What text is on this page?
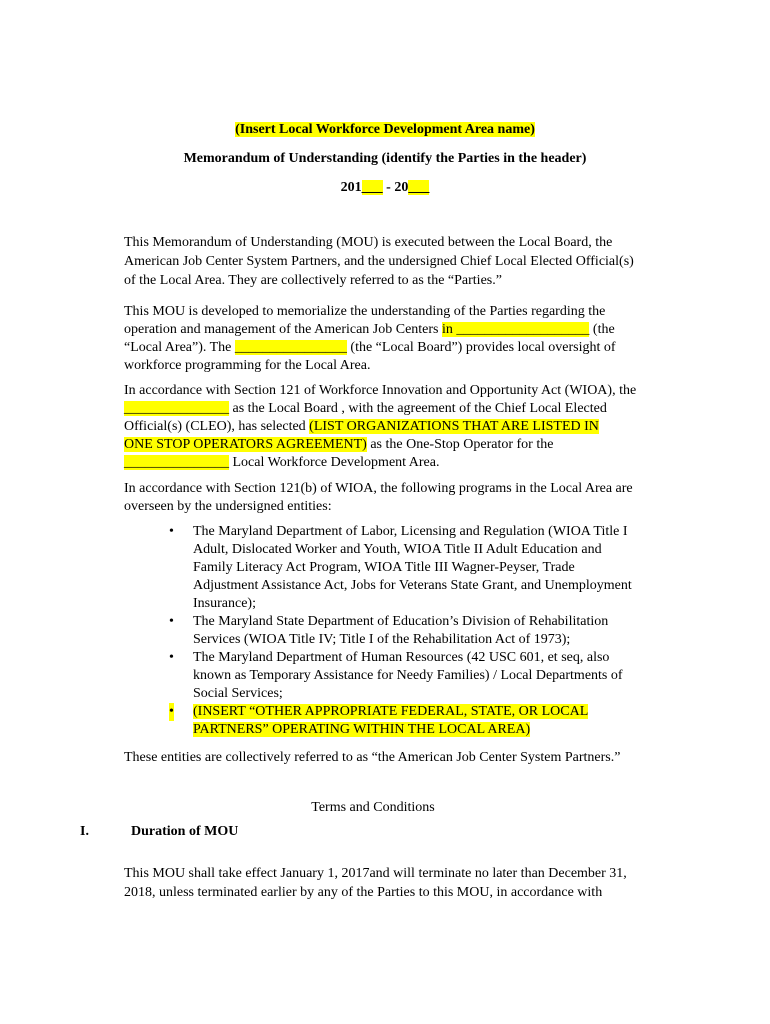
(Insert Local Workforce Development Area name)

Memorandum of Understanding (identify the Parties in the header)

201___ - 20___

This Memorandum of Understanding (MOU) is executed between the Local Board, the
American Job Center System Partners, and the undersigned Chief Local Elected Official(s)
of the Local Area. They are collectively referred to as the “Parties.”

This MOU is developed to memorialize the understanding of the Parties regarding the
operation and management of the American Job Centers in ___________________ (the
“Local Area”). The ________________ (the “Local Board”) provides local oversight of
workforce programming for the Local Area.

In accordance with Section 121 of Workforce Innovation and Opportunity Act (WIOA), the
_______________ as the Local Board , with the agreement of the Chief Local Elected
Official(s) (CLEO), has selected (LIST ORGANIZATIONS THAT ARE LISTED IN
ONE STOP OPERATORS AGREEMENT) as the One-Stop Operator for the
_______________ Local Workforce Development Area.

In accordance with Section 121(b) of WIOA, the following programs in the Local Area are
overseen by the undersigned entities:

• The Maryland Department of Labor, Licensing and Regulation (WIOA Title I
Adult, Dislocated Worker and Youth, WIOA Title II Adult Education and
Family Literacy Act Program, WIOA Title III Wagner-Peyser, Trade
Adjustment Assistance Act, Jobs for Veterans State Grant, and Unemployment
Insurance);
• The Maryland State Department of Education’s Division of Rehabilitation
Services (WIOA Title IV; Title I of the Rehabilitation Act of 1973);
• The Maryland Department of Human Resources (42 USC 601, et seq, also
known as Temporary Assistance for Needy Families) / Local Departments of
Social Services;
• (INSERT “OTHER APPROPRIATE FEDERAL, STATE, OR LOCAL
PARTNERS” OPERATING WITHIN THE LOCAL AREA)

These entities are collectively referred to as “the American Job Center System Partners.”

Terms and Conditions

I.	Duration of MOU

This MOU shall take effect January 1, 2017and will terminate no later than December 31,
2018, unless terminated earlier by any of the Parties to this MOU, in accordance with
